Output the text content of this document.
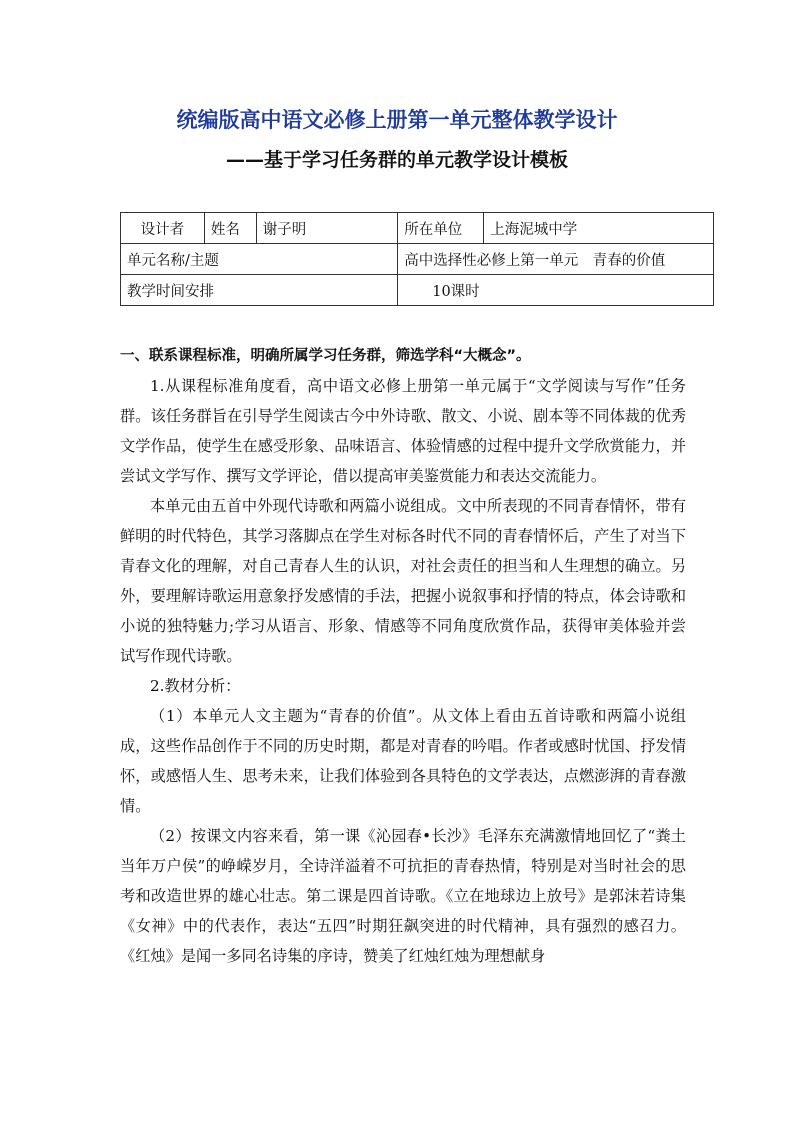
统编版高中语文必修上册第一单元整体教学设计
——基于学习任务群的单元教学设计模板
设计者	姓名	谢子明	所在单位	上海泥城中学
单元名称/主题			高中选择性必修上第一单元　青春的价值	
教学时间安排			10课时	

一、联系课程标准，明确所属学习任务群，筛选学科“大概念”。

1.从课程标准角度看，高中语文必修上册第一单元属于“文学阅读与写作”任务群。该任务群旨在引导学生阅读古今中外诗歌、散文、小说、剧本等不同体裁的优秀文学作品，使学生在感受形象、品味语言、体验情感的过程中提升文学欣赏能力，并尝试文学写作、撰写文学评论，借以提高审美鉴赏能力和表达交流能力。

本单元由五首中外现代诗歌和两篇小说组成。文中所表现的不同青春情怀，带有鲜明的时代特色，其学习落脚点在学生对标各时代不同的青春情怀后，产生了对当下青春文化的理解，对自己青春人生的认识，对社会责任的担当和人生理想的确立。另外，要理解诗歌运用意象抒发感情的手法，把握小说叙事和抒情的特点，体会诗歌和小说的独特魅力;学习从语言、形象、情感等不同角度欣赏作品，获得审美体验并尝试写作现代诗歌。

2.教材分析：

（1）本单元人文主题为“青春的价值”。从文体上看由五首诗歌和两篇小说组成，这些作品创作于不同的历史时期，都是对青春的吟唱。作者或感时忧国、抒发情怀，或感悟人生、思考未来，让我们体验到各具特色的文学表达，点燃澎湃的青春激情。

（2）按课文内容来看，第一课《沁园春•长沙》毛泽东充满激情地回忆了“粪土当年万户侯”的峥嵘岁月，全诗洋溢着不可抗拒的青春热情，特别是对当时社会的思考和改造世界的雄心壮志。第二课是四首诗歌。《立在地球边上放号》是郭沫若诗集《女神》中的代表作，表达“五四”时期狂飙突进的时代精神，具有强烈的感召力。《红烛》是闻一多同名诗集的序诗，赞美了红烛红烛为理想献身
